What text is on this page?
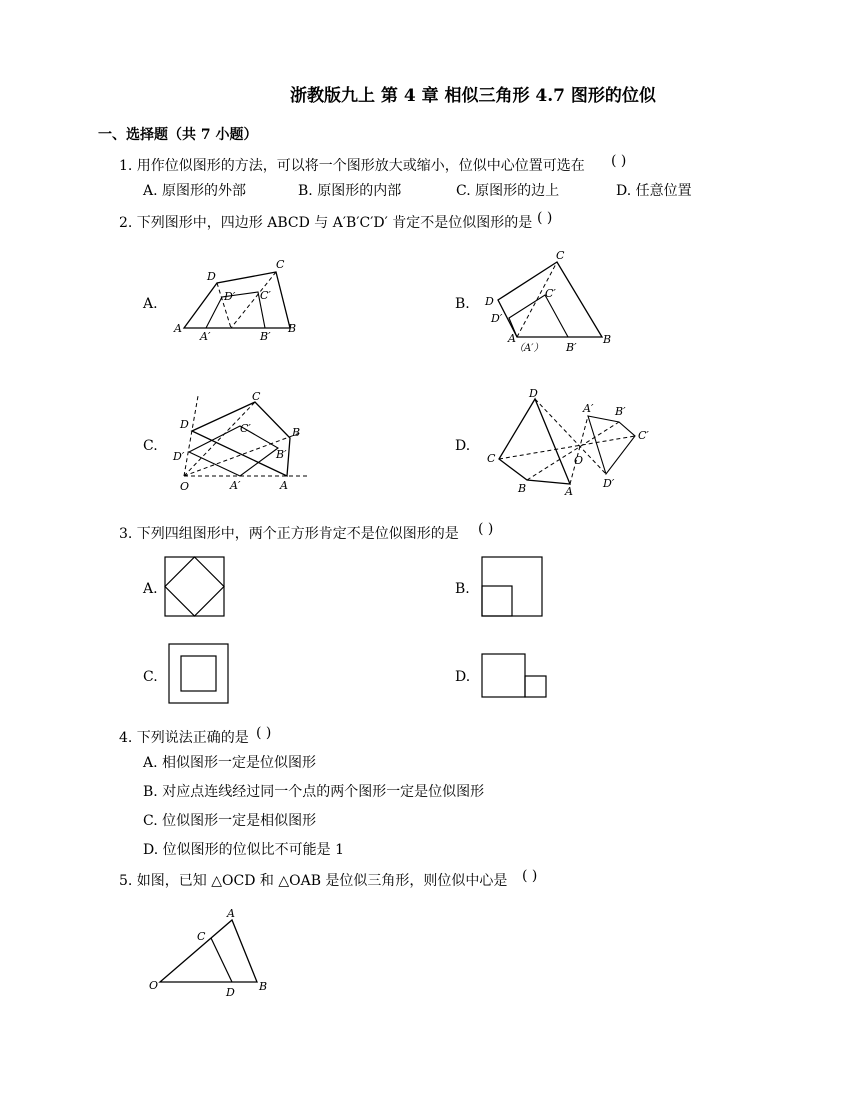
浙教版九上 第 4 章 相似三角形 4.7 图形的位似
一、选择题（共 7 小题）
1. 用作位似图形的方法，可以将一个图形放大或缩小，位似中心位置可选在 ( )
A. 原图形的外部	B. 原图形的内部	C. 原图形的边上	D. 任意位置
2. 下列图形中，四边形 ABCD 与 A′B′C′D′ 肯定不是位似图形的是 ( )
A.	B.
C.	D.
D
C
D′ C′
A
A′	B′
B
C
C′
D
D′
A
（A′） B′
B
C
D	C′	B
D′	B′
O	A′	A
D
A′ B′
C′
C	O
B	A
D′
3. 下列四组图形中，两个正方形肯定不是位似图形的是 ( )
A.	B.
C.	D.
4. 下列说法正确的是 ( )
A. 相似图形一定是位似图形
B. 对应点连线经过同一个点的两个图形一定是位似图形
C. 位似图形一定是相似图形
D. 位似图形的位似比不可能是 1
5. 如图，已知 △OCD 和 △OAB 是位似三角形，则位似中心是 ( )
A
C
O
D B
